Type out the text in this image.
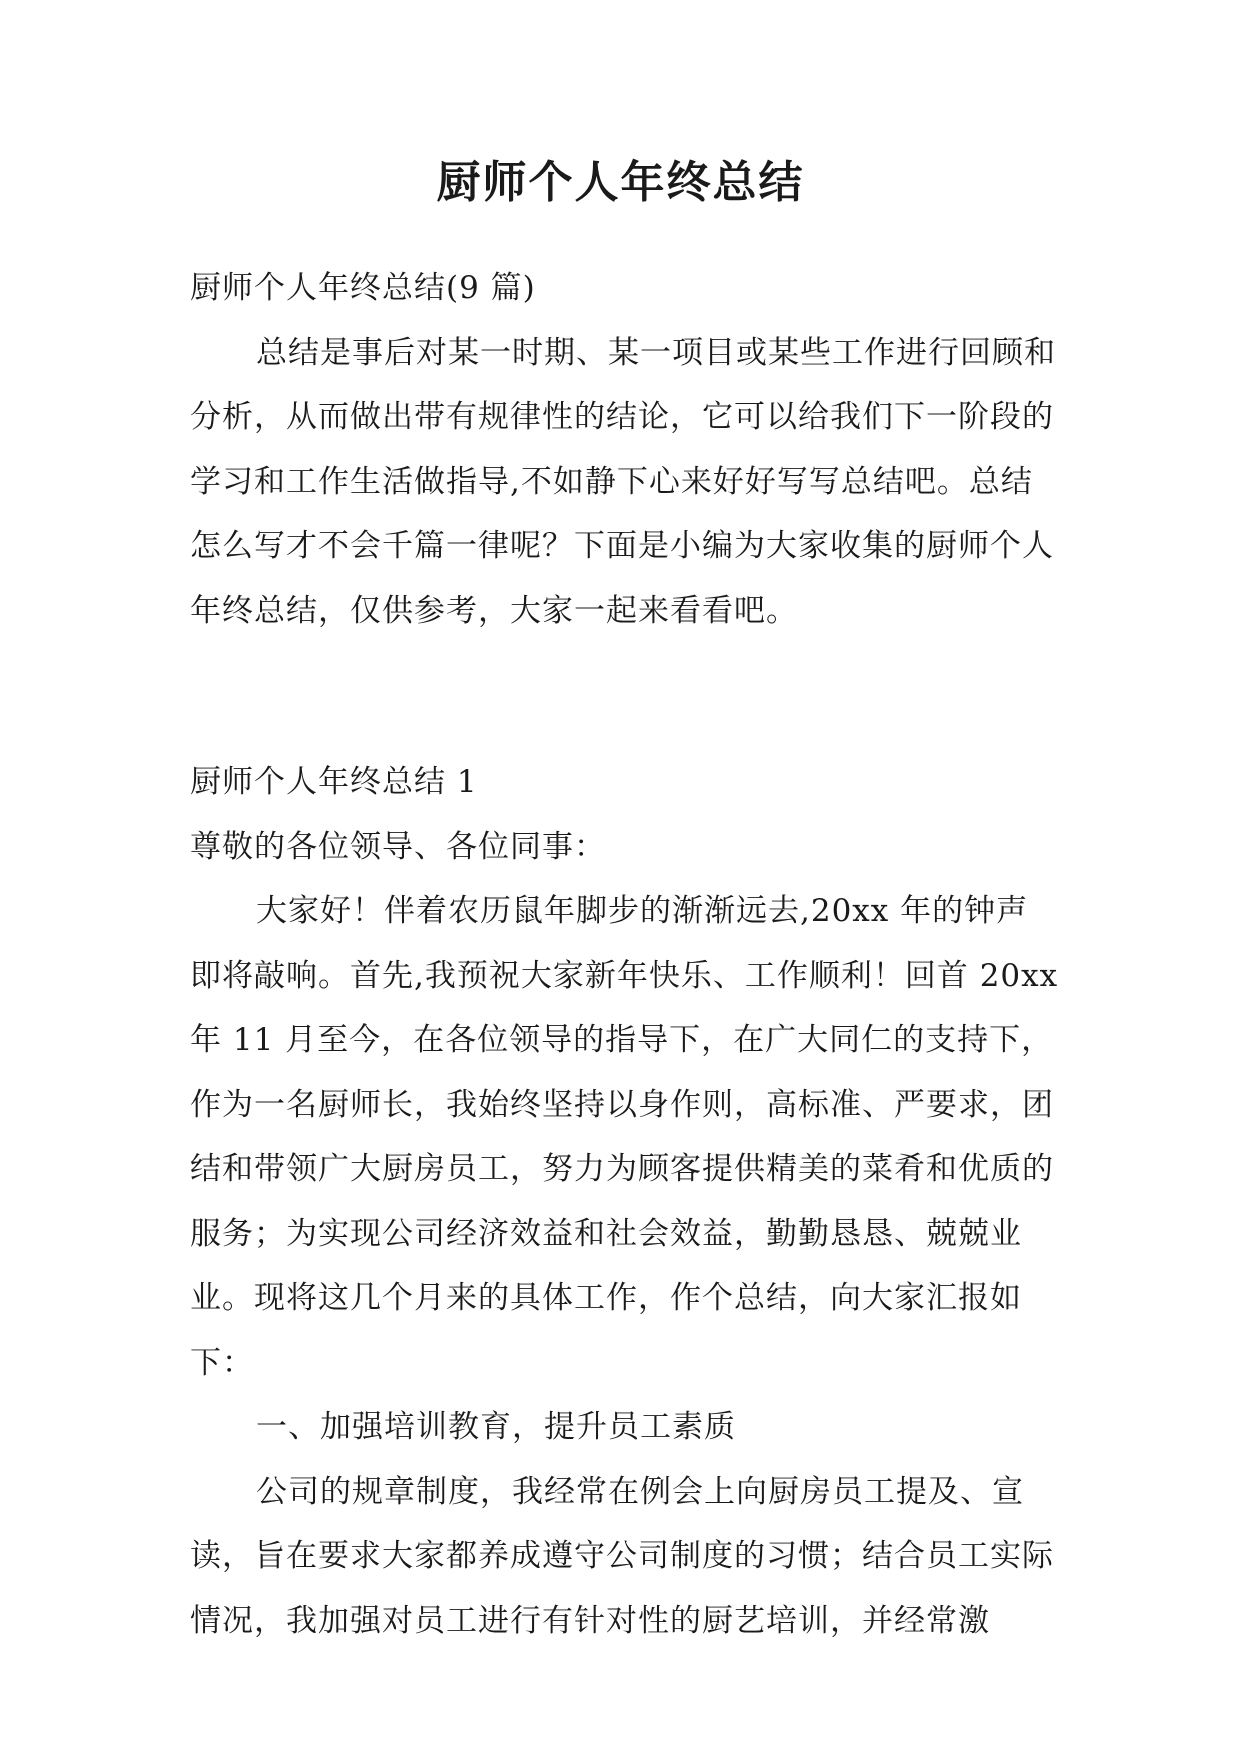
厨师个人年终总结

厨师个人年终总结(9 篇)

总结是事后对某一时期、某一项目或某些工作进行回顾和分析，从而做出带有规律性的结论，它可以给我们下一阶段的学习和工作生活做指导,不如静下心来好好写写总结吧。总结怎么写才不会千篇一律呢？下面是小编为大家收集的厨师个人年终总结，仅供参考，大家一起来看看吧。

厨师个人年终总结 1

尊敬的各位领导、各位同事：

大家好！伴着农历鼠年脚步的渐渐远去,20xx 年的钟声即将敲响。首先,我预祝大家新年快乐、工作顺利！回首 20xx 年 11 月至今，在各位领导的指导下，在广大同仁的支持下，作为一名厨师长，我始终坚持以身作则，高标准、严要求，团结和带领广大厨房员工，努力为顾客提供精美的菜肴和优质的服务；为实现公司经济效益和社会效益，勤勤恳恳、兢兢业业。现将这几个月来的具体工作，作个总结，向大家汇报如下：

一、加强培训教育，提升员工素质

公司的规章制度，我经常在例会上向厨房员工提及、宣读，旨在要求大家都养成遵守公司制度的习惯；结合员工实际情况，我加强对员工进行有针对性的厨艺培训，并经常激
